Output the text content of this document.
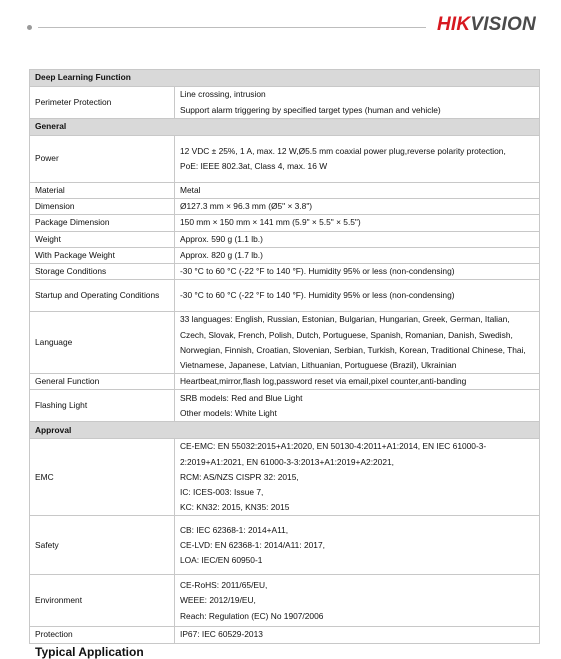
HIKVISION
Deep Learning Function	
Perimeter Protection	Line crossing, intrusion
Support alarm triggering by specified target types (human and vehicle)

General	
Power	12 VDC ± 25%, 1 A, max. 12 W,Ø5.5 mm coaxial power plug,reverse polarity protection,
PoE: IEEE 802.3at, Class 4, max. 16 W

Material	Metal

Dimension	Ø127.3 mm × 96.3 mm (Ø5" × 3.8")

Package Dimension	150 mm × 150 mm × 141 mm (5.9" × 5.5" × 5.5")

Weight	Approx. 590 g (1.1 lb.)

With Package Weight	Approx. 820 g (1.7 lb.)

Storage Conditions	-30 °C to 60 °C (-22 °F to 140 °F). Humidity 95% or less (non-condensing)

Startup and Operating Conditions	-30 °C to 60 °C (-22 °F to 140 °F). Humidity 95% or less (non-condensing)

Language	33 languages: English, Russian, Estonian, Bulgarian, Hungarian, Greek, German, Italian, Czech, Slovak, French, Polish, Dutch, Portuguese, Spanish, Romanian, Danish, Swedish, Norwegian, Finnish, Croatian, Slovenian, Serbian, Turkish, Korean, Traditional Chinese, Thai, Vietnamese, Japanese, Latvian, Lithuanian, Portuguese (Brazil), Ukrainian

General Function	Heartbeat,mirror,flash log,password reset via email,pixel counter,anti-banding

Flashing Light	SRB models: Red and Blue Light
Other models: White Light

Approval	
EMC	CE-EMC: EN 55032:2015+A1:2020, EN 50130-4:2011+A1:2014, EN IEC 61000-3-2:2019+A1:2021, EN 61000-3-3:2013+A1:2019+A2:2021,
RCM: AS/NZS CISPR 32: 2015,
IC: ICES-003: Issue 7,
KC: KN32: 2015, KN35: 2015

Safety	CB: IEC 62368-1: 2014+A11,
CE-LVD: EN 62368-1: 2014/A11: 2017,
LOA: IEC/EN 60950-1

Environment	CE-RoHS: 2011/65/EU,
WEEE: 2012/19/EU,
Reach: Regulation (EC) No 1907/2006

Protection	IP67: IEC 60529-2013
Typical Application
